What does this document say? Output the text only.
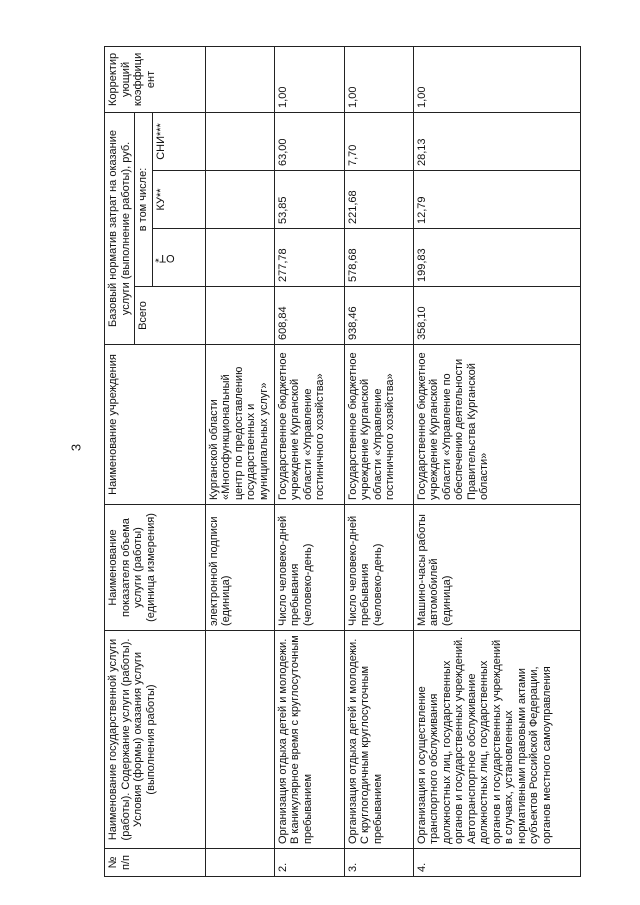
3
№ п/п	Наименование государственной услуги (работы). Содержание услуги (работы). Условия (формы) оказания услуги (выполнения работы)	Наименование показателя объема услуги (работы) (единица измерения)	Наименование учреждения	Базовый норматив затрат на оказание услуги (выполнение работы), руб.				Корректирующий коэффициент
				Всего	в том числе:			

					ОТ*	КУ**	СНИ***	
		электронной подписи (единица)	Курганской области «Многофункциональный центр по предоставлению государственных и муниципальных услуг»					
2.	Организация отдыха детей и молодежи. В каникулярное время с круглосуточным пребыванием	Число человеко-дней пребывания (человеко-день)	Государственное бюджетное учреждение Курганской области «Управление гостиничного хозяйства»	608,84	277,78	53,85	63,00	1,00
3.	Организация отдыха детей и молодежи. С круглогодичным круглосуточным пребыванием	Число человеко-дней пребывания (человеко-день)	Государственное бюджетное учреждение Курганской области «Управление гостиничного хозяйства»	938,46	578,68	221,68	7,70	1,00
4.	Организация и осуществление транспортного обслуживания должностных лиц, государственных органов и государственных учреждений. Автотранспортное обслуживание должностных лиц, государственных органов и государственных учреждений в случаях, установленных нормативными правовыми актами субъектов Российской Федерации, органов местного самоуправления	Машино-часы работы автомобилей (единица)	Государственное бюджетное учреждение Курганской области «Управление по обеспечению деятельности Правительства Курганской области»	358,10	199,83	12,79	28,13	1,00
